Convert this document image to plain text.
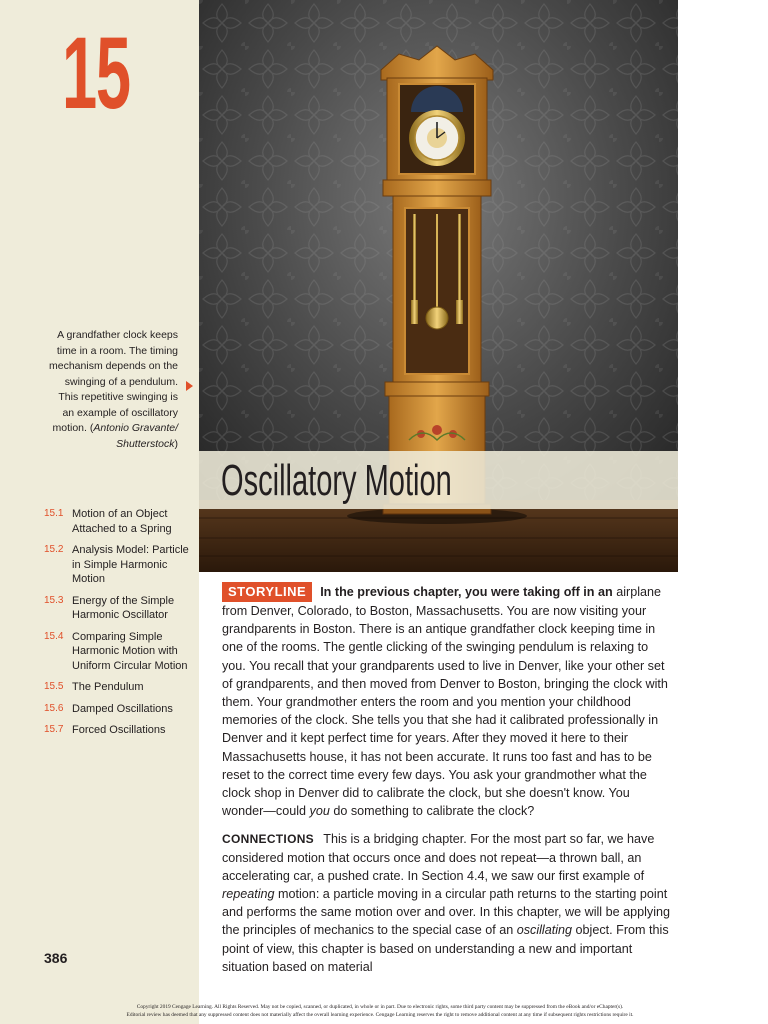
15
A grandfather clock keeps time in a room. The timing mechanism depends on the swinging of a pendulum. This repetitive swinging is an example of oscillatory motion. (Antonio Gravante/ Shutterstock)
15.1 Motion of an Object Attached to a Spring
15.2 Analysis Model: Particle in Simple Harmonic Motion
15.3 Energy of the Simple Harmonic Oscillator
15.4 Comparing Simple Harmonic Motion with Uniform Circular Motion
15.5 The Pendulum
15.6 Damped Oscillations
15.7 Forced Oscillations
386
Oscillatory Motion
STORYLINE In the previous chapter, you were taking off in an airplane from Denver, Colorado, to Boston, Massachusetts. You are now visiting your grandparents in Boston. There is an antique grandfather clock keeping time in one of the rooms. The gentle clicking of the swinging pendulum is relaxing to you. You recall that your grandparents used to live in Denver, like your other set of grandparents, and then moved from Denver to Boston, bringing the clock with them. Your grandmother enters the room and you mention your childhood memories of the clock. She tells you that she had it calibrated professionally in Denver and it kept perfect time for years. After they moved it here to their Massachusetts house, it has not been accurate. It runs too fast and has to be reset to the correct time every few days. You ask your grandmother what the clock shop in Denver did to calibrate the clock, but she doesn't know. You wonder—could you do something to calibrate the clock?
CONNECTIONS This is a bridging chapter. For the most part so far, we have considered motion that occurs once and does not repeat—a thrown ball, an accelerating car, a pushed crate. In Section 4.4, we saw our first example of repeating motion: a particle moving in a circular path returns to the starting point and performs the same motion over and over. In this chapter, we will be applying the principles of mechanics to the special case of an oscillating object. From this point of view, this chapter is based on understanding a new and important situation based on material
Copyright 2019 Cengage Learning. All Rights Reserved. May not be copied, scanned, or duplicated, in whole or in part. Due to electronic rights, some third party content may be suppressed from the eBook and/or eChapter(s).
Editorial review has deemed that any suppressed content does not materially affect the overall learning experience. Cengage Learning reserves the right to remove additional content at any time if subsequent rights restrictions require it.
